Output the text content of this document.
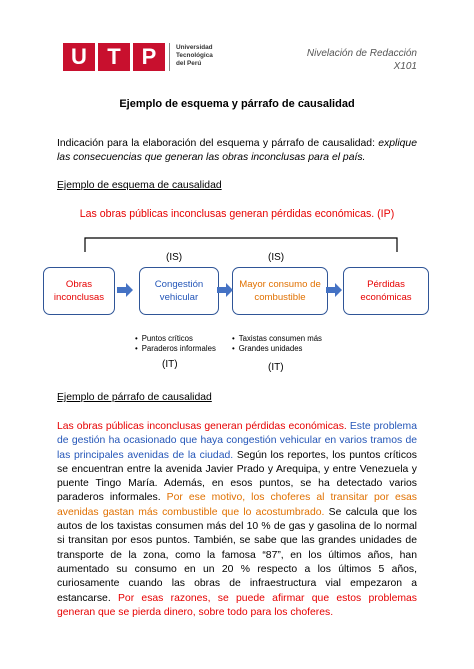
U T P	Universidad
Tecnológica
del Perú
Nivelación de Redacción
X101
Ejemplo de esquema y párrafo de causalidad
Indicación para la elaboración del esquema y párrafo de causalidad: explique las consecuencias que generan las obras inconclusas para el país.
Ejemplo de esquema de causalidad
Las obras públicas inconclusas generan pérdidas económicas. (IP)
(IS)	(IS)
Obras inconclusas
Congestión vehicular
Mayor consumo de combustible
Pérdidas económicas
• Puntos críticos
• Paraderos informales
• Taxistas consumen más
• Grandes unidades
(IT)	(IT)
Ejemplo de párrafo de causalidad
Las obras públicas inconclusas generan pérdidas económicas. Este problema de gestión ha ocasionado que haya congestión vehicular en varios tramos de las principales avenidas de la ciudad. Según los reportes, los puntos críticos se encuentran entre la avenida Javier Prado y Arequipa, y entre Venezuela y puente Tingo María. Además, en esos puntos, se ha detectado varios paraderos informales. Por ese motivo, los choferes al transitar por esas avenidas gastan más combustible que lo acostumbrado. Se calcula que los autos de los taxistas consumen más del 10 % de gas y gasolina de lo normal si transitan por esos puntos. También, se sabe que las grandes unidades de transporte de la zona, como la famosa “87”, en los últimos años, han aumentado su consumo en un 20 % respecto a los últimos 5 años, curiosamente cuando las obras de infraestructura vial empezaron a estancarse. Por esas razones, se puede afirmar que estos problemas generan que se pierda dinero, sobre todo para los choferes.
